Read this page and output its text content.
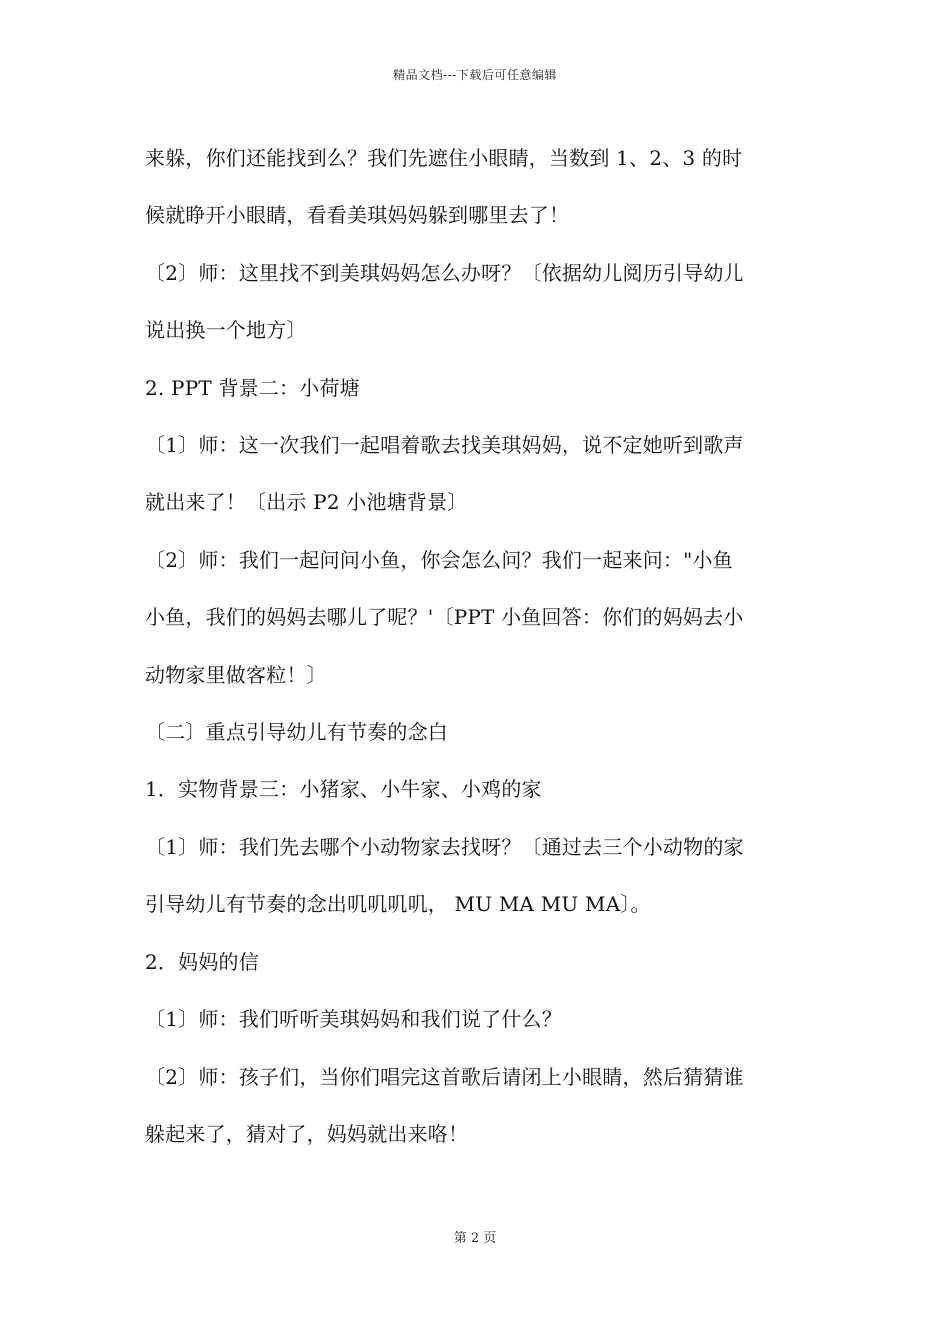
精品文档---下载后可任意编辑

来躲，你们还能找到么？我们先遮住小眼睛，当数到 1、2、3 的时

候就睁开小眼睛，看看美琪妈妈躲到哪里去了！

〔2〕师：这里找不到美琪妈妈怎么办呀？〔依据幼儿阅历引导幼儿

说出换一个地方〕

2. PPT 背景二：小荷塘

〔1〕师：这一次我们一起唱着歌去找美琪妈妈，说不定她听到歌声

就出来了！〔出示 P2 小池塘背景〕

〔2〕师：我们一起问问小鱼，你会怎么问？我们一起来问："小鱼

小鱼，我们的妈妈去哪儿了呢？'〔PPT 小鱼回答：你们的妈妈去小

动物家里做客粒！〕

〔二〕重点引导幼儿有节奏的念白

1．实物背景三：小猪家、小牛家、小鸡的家

〔1〕师：我们先去哪个小动物家去找呀？〔通过去三个小动物的家

引导幼儿有节奏的念出叽叽叽叽， MU MA MU MA〕。

2．妈妈的信

〔1〕师：我们听听美琪妈妈和我们说了什么？

〔2〕师：孩子们，当你们唱完这首歌后请闭上小眼睛，然后猜猜谁

躲起来了，猜对了，妈妈就出来咯！

第 2 页
